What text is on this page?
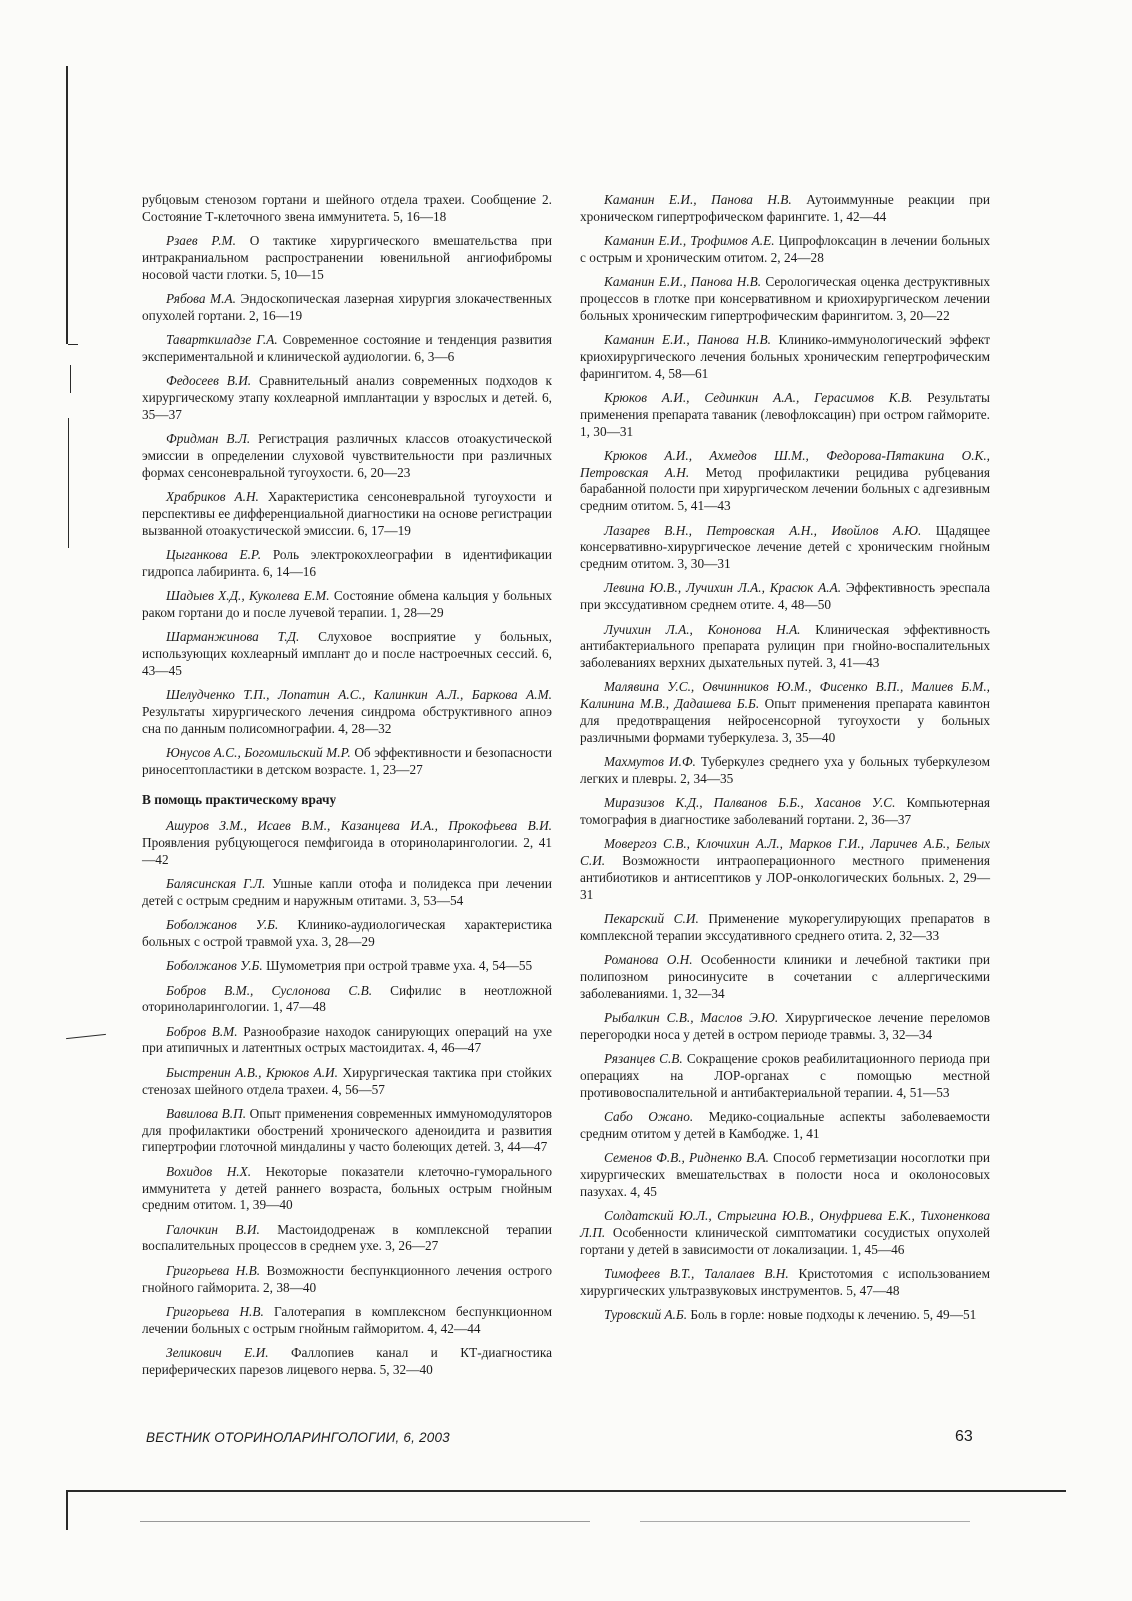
рубцовым стенозом гортани и шейного отдела трахеи. Сообщение 2. Состояние Т-клеточного звена иммунитета. 5, 16—18

Рзаев Р.М. О тактике хирургического вмешательства при интракраниальном распространении ювенильной ангиофибромы носовой части глотки. 5, 10—15

Рябова М.А. Эндоскопическая лазерная хирургия злокачественных опухолей гортани. 2, 16—19

Таварткиладзе Г.А. Современное состояние и тенденция развития экспериментальной и клинической аудиологии. 6, 3—6

Федосеев В.И. Сравнительный анализ современных подходов к хирургическому этапу кохлеарной имплантации у взрослых и детей. 6, 35—37

Фридман В.Л. Регистрация различных классов отоакустической эмиссии в определении слуховой чувствительности при различных формах сенсоневральной тугоухости. 6, 20—23

Храбриков А.Н. Характеристика сенсоневральной тугоухости и перспективы ее дифференциальной диагностики на основе регистрации вызванной отоакустической эмиссии. 6, 17—19

Цыганкова Е.Р. Роль электрокохлеографии в идентификации гидропса лабиринта. 6, 14—16

Шадыев Х.Д., Куколева Е.М. Состояние обмена кальция у больных раком гортани до и после лучевой терапии. 1, 28—29

Шарманжинова Т.Д. Слуховое восприятие у больных, использующих кохлеарный имплант до и после настроечных сессий. 6, 43—45

Шелудченко Т.П., Лопатин А.С., Калинкин А.Л., Баркова А.М. Результаты хирургического лечения синдрома обструктивного апноэ сна по данным полисомнографии. 4, 28—32

Юнусов А.С., Богомильский М.Р. Об эффективности и безопасности риносептопластики в детском возрасте. 1, 23—27

В помощь практическому врачу

Ашуров З.М., Исаев В.М., Казанцева И.А., Прокофьева В.И. Проявления рубцующегося пемфигоида в оториноларингологии. 2, 41—42

Балясинская Г.Л. Ушные капли отофа и полидекса при лечении детей с острым средним и наружным отитами. 3, 53—54

Боболжанов У.Б. Клинико-аудиологическая характеристика больных с острой травмой уха. 3, 28—29

Боболжанов У.Б. Шумометрия при острой травме уха. 4, 54—55

Бобров В.М., Суслонова С.В. Сифилис в неотложной оториноларингологии. 1, 47—48

Бобров В.М. Разнообразие находок санирующих операций на ухе при атипичных и латентных острых мастоидитах. 4, 46—47

Быстренин А.В., Крюков А.И. Хирургическая тактика при стойких стенозах шейного отдела трахеи. 4, 56—57

Вавилова В.П. Опыт применения современных иммуномодуляторов для профилактики обострений хронического аденоидита и развития гипертрофии глоточной миндалины у часто болеющих детей. 3, 44—47

Вохидов Н.Х. Некоторые показатели клеточно-гуморального иммунитета у детей раннего возраста, больных острым гнойным средним отитом. 1, 39—40

Галочкин В.И. Мастоидодренаж в комплексной терапии воспалительных процессов в среднем ухе. 3, 26—27

Григорьева Н.В. Возможности беспункционного лечения острого гнойного гайморита. 2, 38—40

Григорьева Н.В. Галотерапия в комплексном беспункционном лечении больных с острым гнойным гайморитом. 4, 42—44

Зеликович Е.И. Фаллопиев канал и КТ-диагностика периферических парезов лицевого нерва. 5, 32—40

Каманин Е.И., Панова Н.В. Аутоиммунные реакции при хроническом гипертрофическом фарингите. 1, 42—44

Каманин Е.И., Трофимов А.Е. Ципрофлоксацин в лечении больных с острым и хроническим отитом. 2, 24—28

Каманин Е.И., Панова Н.В. Серологическая оценка деструктивных процессов в глотке при консервативном и криохирургическом лечении больных хроническим гипертрофическим фарингитом. 3, 20—22

Каманин Е.И., Панова Н.В. Клинико-иммунологический эффект криохирургического лечения больных хроническим гепертрофическим фарингитом. 4, 58—61

Крюков А.И., Сединкин А.А., Герасимов К.В. Результаты применения препарата таваник (левофлоксацин) при остром гайморите. 1, 30—31

Крюков А.И., Ахмедов Ш.М., Федорова-Пятакина О.К., Петровская А.Н. Метод профилактики рецидива рубцевания барабанной полости при хирургическом лечении больных с адгезивным средним отитом. 5, 41—43

Лазарев В.Н., Петровская А.Н., Ивойлов А.Ю. Щадящее консервативно-хирургическое лечение детей с хроническим гнойным средним отитом. 3, 30—31

Левина Ю.В., Лучихин Л.А., Красюк А.А. Эффективность эреспала при экссудативном среднем отите. 4, 48—50

Лучихин Л.А., Кононова Н.А. Клиническая эффективность антибактериального препарата рулицин при гнойно-воспалительных заболеваниях верхних дыхательных путей. 3, 41—43

Малявина У.С., Овчинников Ю.М., Фисенко В.П., Малиев Б.М., Калинина М.В., Дадашева Б.Б. Опыт применения препарата кавинтон для предотвращения нейросенсорной тугоухости у больных различными формами туберкулеза. 3, 35—40

Махмутов И.Ф. Туберкулез среднего уха у больных туберкулезом легких и плевры. 2, 34—35

Миразизов К.Д., Палванов Б.Б., Хасанов У.С. Компьютерная томография в диагностике заболеваний гортани. 2, 36—37

Мовергоз С.В., Клочихин А.Л., Марков Г.И., Ларичев А.Б., Белых С.И. Возможности интраоперационного местного применения антибиотиков и антисептиков у ЛОР-онкологических больных. 2, 29—31

Пекарский С.И. Применение мукорегулирующих препаратов в комплексной терапии экссудативного среднего отита. 2, 32—33

Романова О.Н. Особенности клиники и лечебной тактики при полипозном риносинусите в сочетании с аллергическими заболеваниями. 1, 32—34

Рыбалкин С.В., Маслов Э.Ю. Хирургическое лечение переломов перегородки носа у детей в остром периоде травмы. 3, 32—34

Рязанцев С.В. Сокращение сроков реабилитационного периода при операциях на ЛОР-органах с помощью местной противовоспалительной и антибактериальной терапии. 4, 51—53

Сабо Ожано. Медико-социальные аспекты заболеваемости средним отитом у детей в Камбодже. 1, 41

Семенов Ф.В., Ридненко В.А. Способ герметизации носоглотки при хирургических вмешательствах в полости носа и околоносовых пазухах. 4, 45

Солдатский Ю.Л., Стрыгина Ю.В., Онуфриева Е.К., Тихоненкова Л.П. Особенности клинической симптоматики сосудистых опухолей гортани у детей в зависимости от локализации. 1, 45—46

Тимофеев В.Т., Талалаев В.Н. Кристотомия с использованием хирургических ультразвуковых инструментов. 5, 47—48

Туровский А.Б. Боль в горле: новые подходы к лечению. 5, 49—51

ВЕСТНИК ОТОРИНОЛАРИНГОЛОГИИ, 6, 2003	63
